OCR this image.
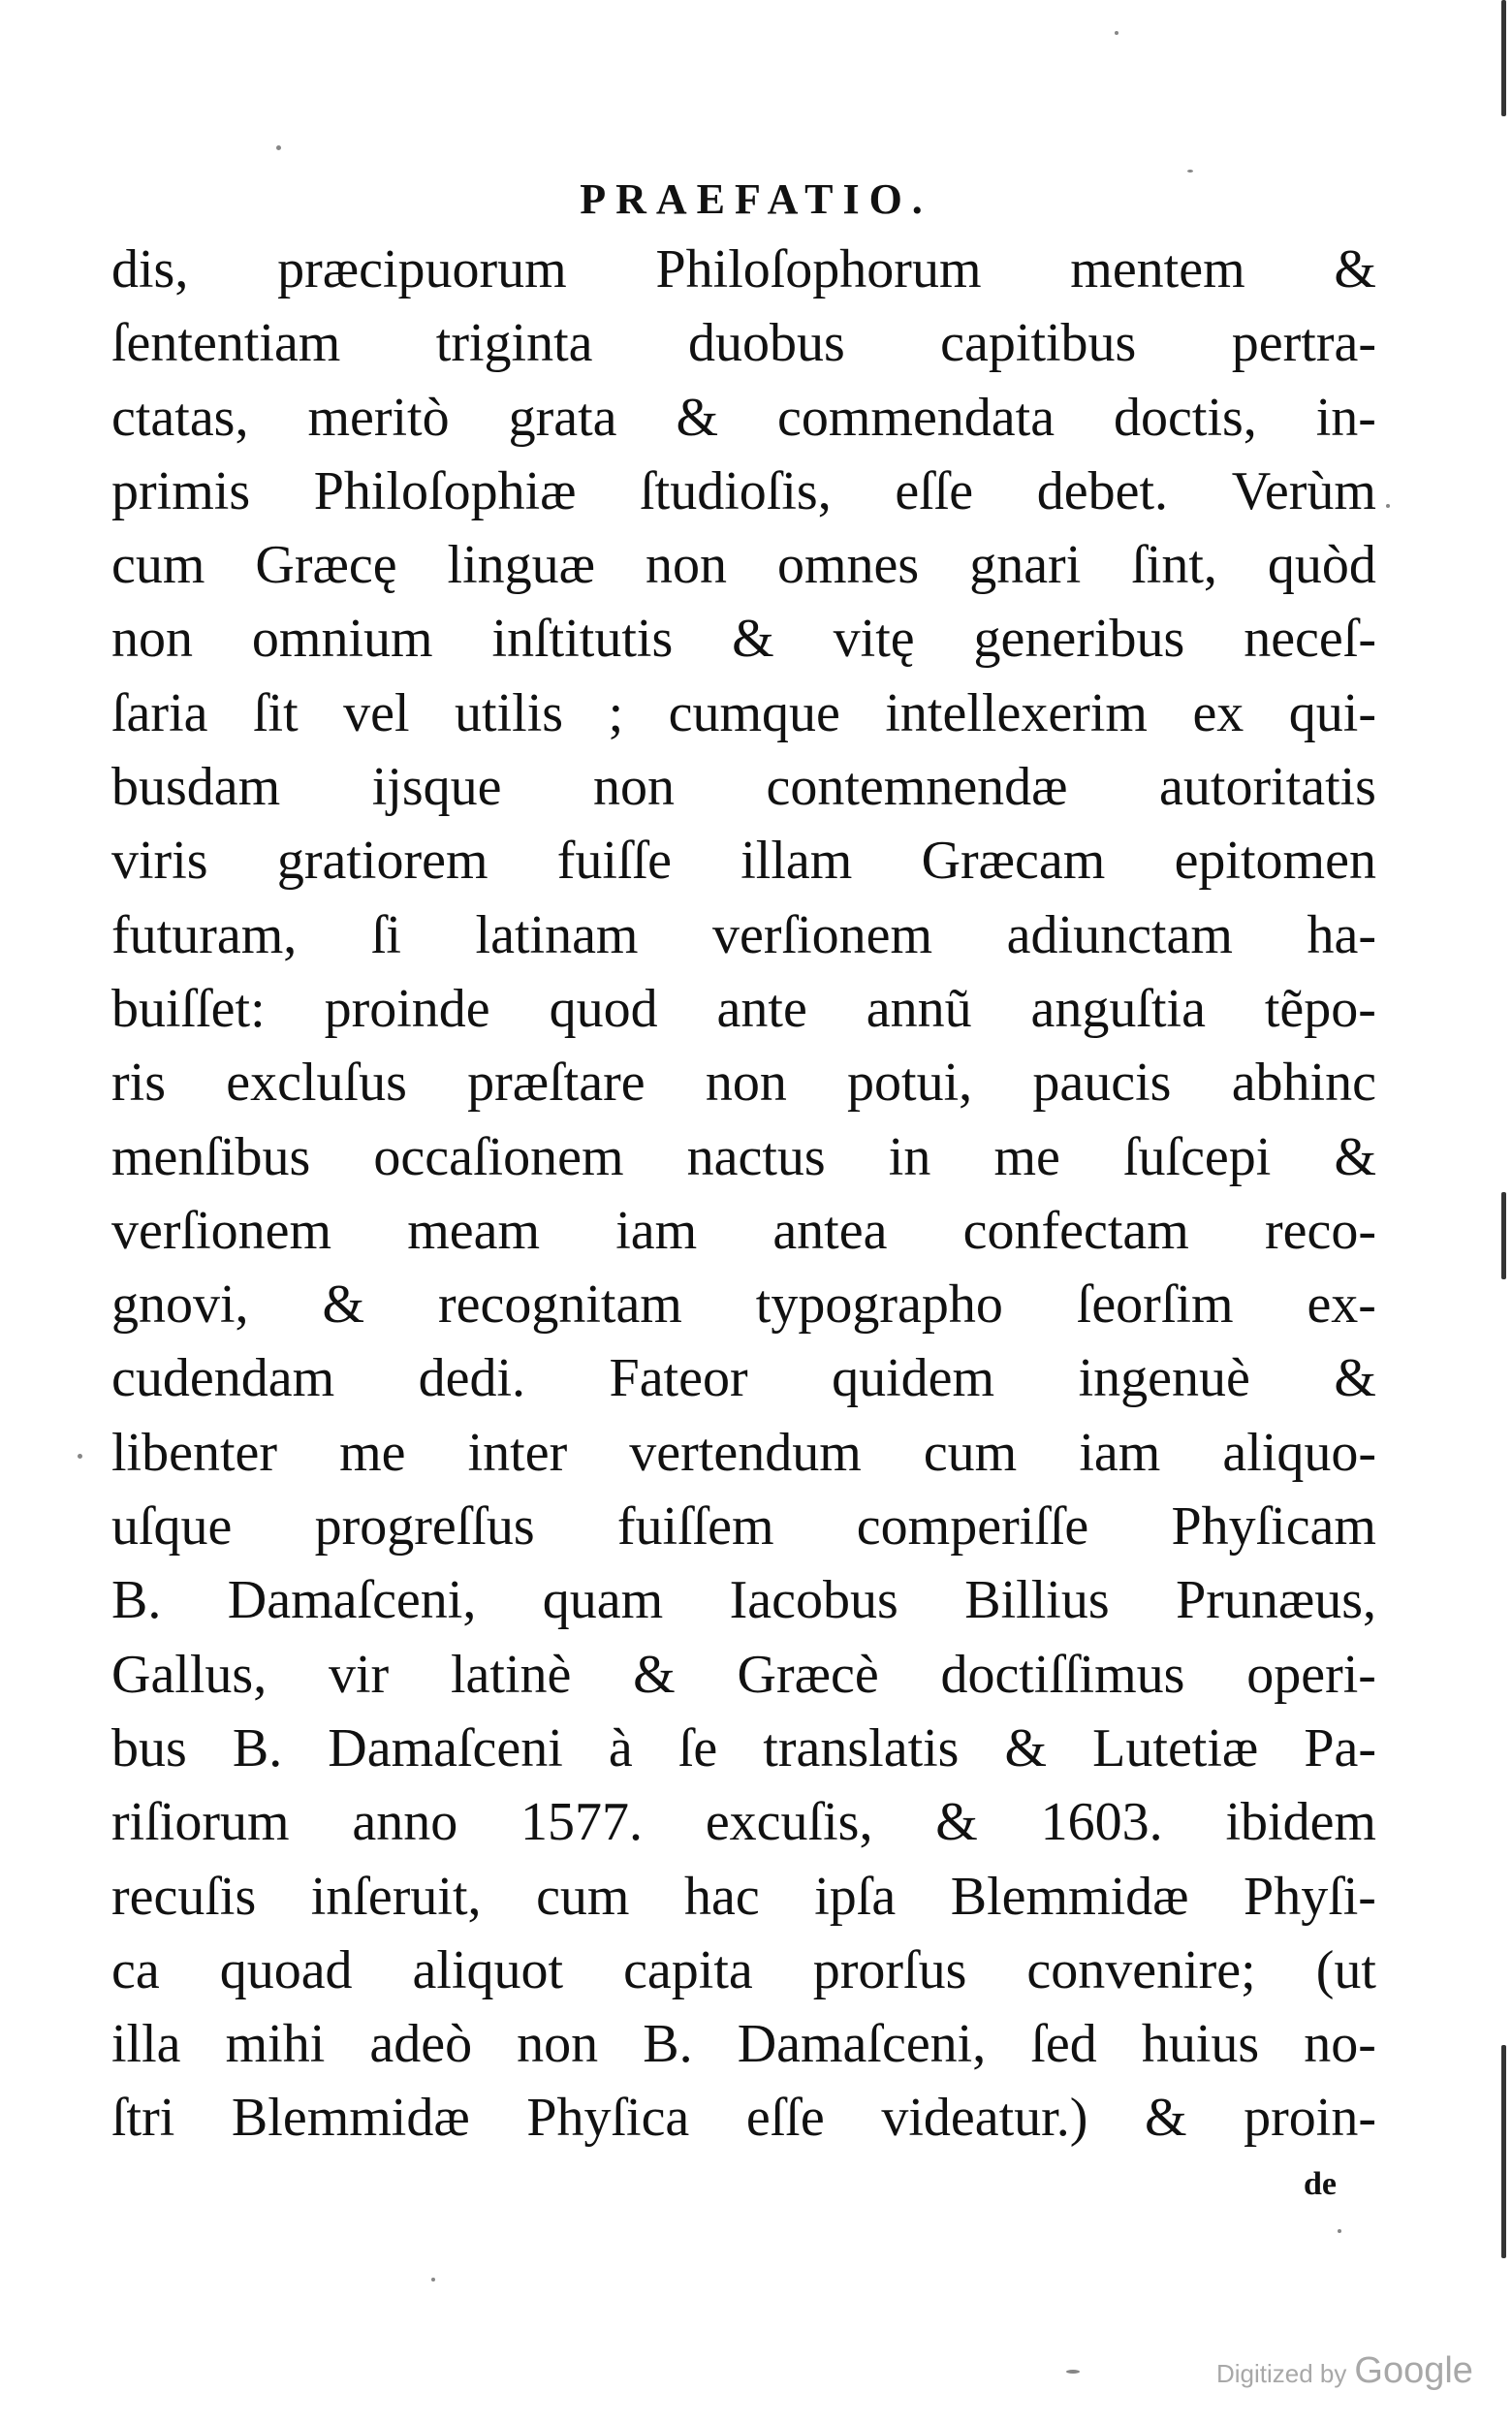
PRAEFATIO.
dis, præcipuorum Philoſophorum mentem &
ſententiam triginta duobus capitibus pertra-
ctatas, meritò grata & commendata doctis, in-
primis Philoſophiæ ſtudioſis, eſſe debet. Verùm
cum Græcę linguæ non omnes gnari ſint, quòd
non omnium inſtitutis & vitę generibus neceſ-
ſaria ſit vel utilis ; cumque intellexerim ex qui-
busdam ijsque non contemnendæ autoritatis
viris gratiorem fuiſſe illam Græcam epitomen
futuram, ſi latinam verſionem adiunctam ha-
buiſſet: proinde quod ante annũ anguſtia tẽpo-
ris excluſus præſtare non potui, paucis abhinc
menſibus occaſionem nactus in me ſuſcepi &
verſionem meam iam antea confectam reco-
gnovi, & recognitam typographo ſeorſim ex-
cudendam dedi. Fateor quidem ingenuè &
libenter me inter vertendum cum iam aliquo-
uſque progreſſus fuiſſem comperiſſe Phyſicam
B. Damaſceni, quam Iacobus Billius Prunæus,
Gallus, vir latinè & Græcè doctiſſimus operi-
bus B. Damaſceni à ſe translatis & Lutetiæ Pa-
riſiorum anno 1577. excuſis, & 1603. ibidem
recuſis inſeruit, cum hac ipſa Blemmidæ Phyſi-
ca quoad aliquot capita prorſus convenire; (ut
illa mihi adeò non B. Damaſceni, ſed huius no-
ſtri Blemmidæ Phyſica eſſe videatur.) & proin-
de
Digitized by Google
